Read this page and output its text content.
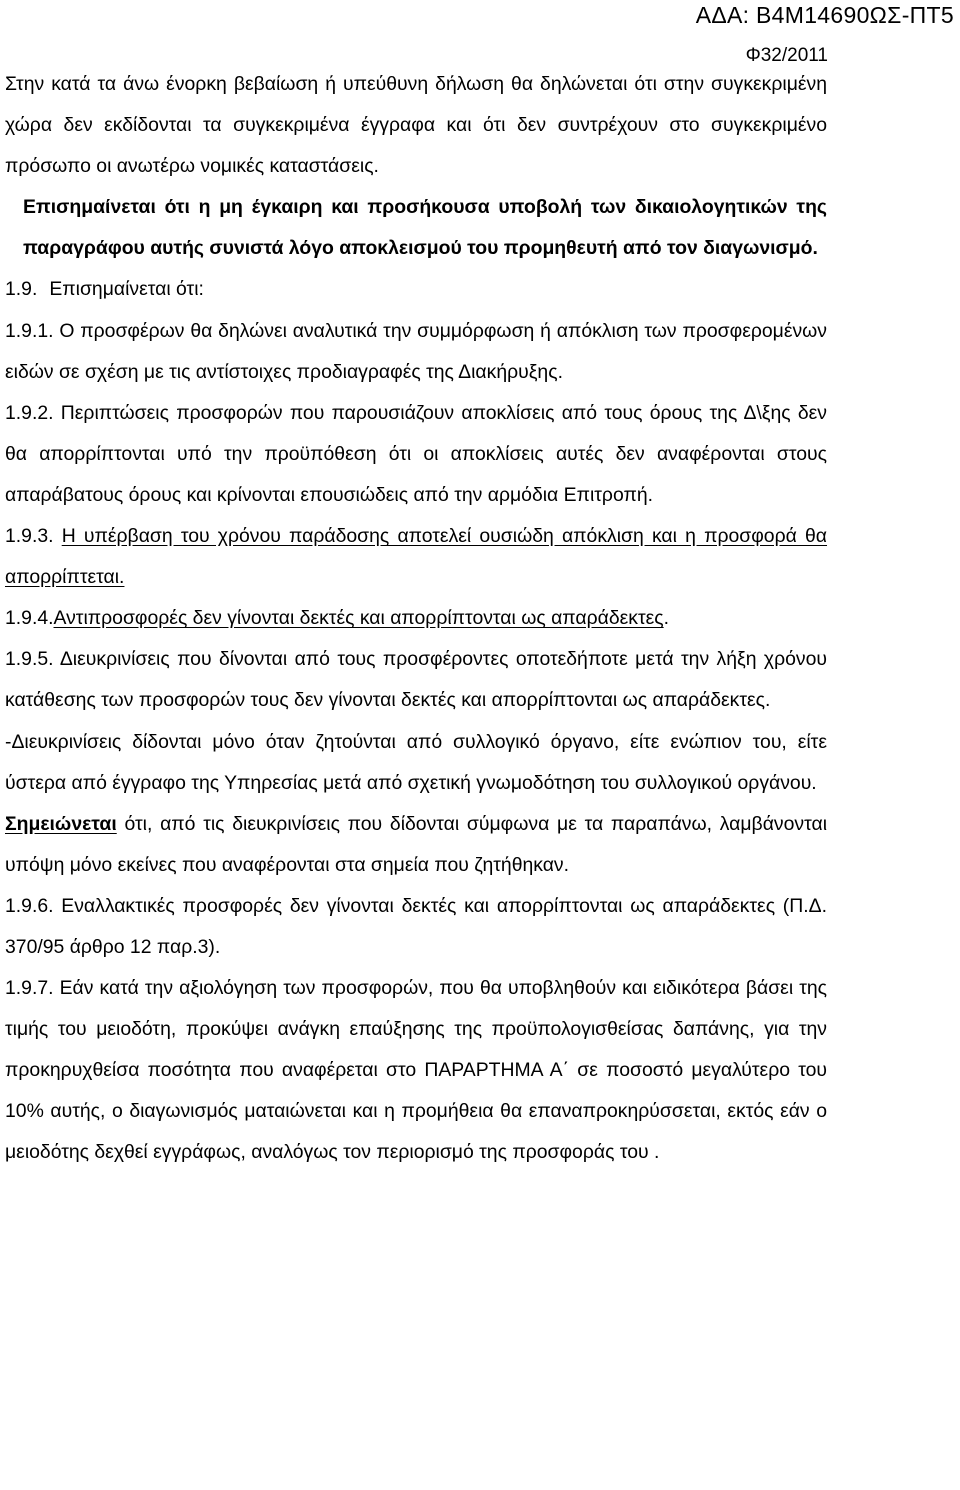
ΑΔΑ: Β4Μ14690ΩΣ-ΠΤ5
Φ32/2011

Στην κατά τα άνω ένορκη βεβαίωση ή υπεύθυνη δήλωση θα δηλώνεται ότι στην συγκεκριμένη χώρα δεν εκδίδονται τα συγκεκριμένα έγγραφα και ότι δεν συντρέχουν στο συγκεκριμένο πρόσωπο οι ανωτέρω νομικές καταστάσεις.

Επισημαίνεται ότι η μη έγκαιρη και προσήκουσα υποβολή των δικαιολογητικών της παραγράφου αυτής συνιστά λόγο αποκλεισμού του προμηθευτή από τον διαγωνισμό.

1.9. Επισημαίνεται ότι:

1.9.1. Ο προσφέρων θα δηλώνει αναλυτικά την συμμόρφωση ή απόκλιση των προσφερομένων ειδών σε σχέση με τις αντίστοιχες προδιαγραφές της Διακήρυξης.

1.9.2. Περιπτώσεις προσφορών που παρουσιάζουν αποκλίσεις από τους όρους της Δ\ξης δεν θα απορρίπτονται υπό την προϋπόθεση ότι οι αποκλίσεις αυτές δεν αναφέρονται στους απαράβατους όρους και κρίνονται επουσιώδεις από την αρμόδια Επιτροπή.

1.9.3. Η υπέρβαση του χρόνου παράδοσης αποτελεί ουσιώδη απόκλιση και η προσφορά θα απορρίπτεται.

1.9.4.Αντιπροσφορές δεν γίνονται δεκτές και απορρίπτονται ως απαράδεκτες.

1.9.5. Διευκρινίσεις που δίνονται από τους προσφέροντες οποτεδήποτε μετά την λήξη χρόνου κατάθεσης των προσφορών τους δεν γίνονται δεκτές και απορρίπτονται ως απαράδεκτες.

-Διευκρινίσεις δίδονται μόνο όταν ζητούνται από συλλογικό όργανο, είτε ενώπιον του, είτε ύστερα από έγγραφο της Υπηρεσίας μετά από σχετική γνωμοδότηση του συλλογικού οργάνου.

Σημειώνεται ότι, από τις διευκρινίσεις που δίδονται σύμφωνα με τα παραπάνω, λαμβάνονται υπόψη μόνο εκείνες που αναφέρονται στα σημεία που ζητήθηκαν.

1.9.6. Εναλλακτικές προσφορές δεν γίνονται δεκτές και απορρίπτονται ως απαράδεκτες (Π.Δ. 370/95 άρθρο 12 παρ.3).

1.9.7. Εάν κατά την αξιολόγηση των προσφορών, που θα υποβληθούν και ειδικότερα βάσει της τιμής του μειοδότη, προκύψει ανάγκη επαύξησης της προϋπολογισθείσας δαπάνης, για την προκηρυχθείσα ποσότητα που αναφέρεται στο ΠΑΡΑΡΤΗΜΑ Α΄ σε ποσοστό μεγαλύτερο του 10% αυτής, ο διαγωνισμός ματαιώνεται και η προμήθεια θα επαναπροκηρύσσεται, εκτός εάν ο μειοδότης δεχθεί εγγράφως, αναλόγως τον περιορισμό της προσφοράς του .
